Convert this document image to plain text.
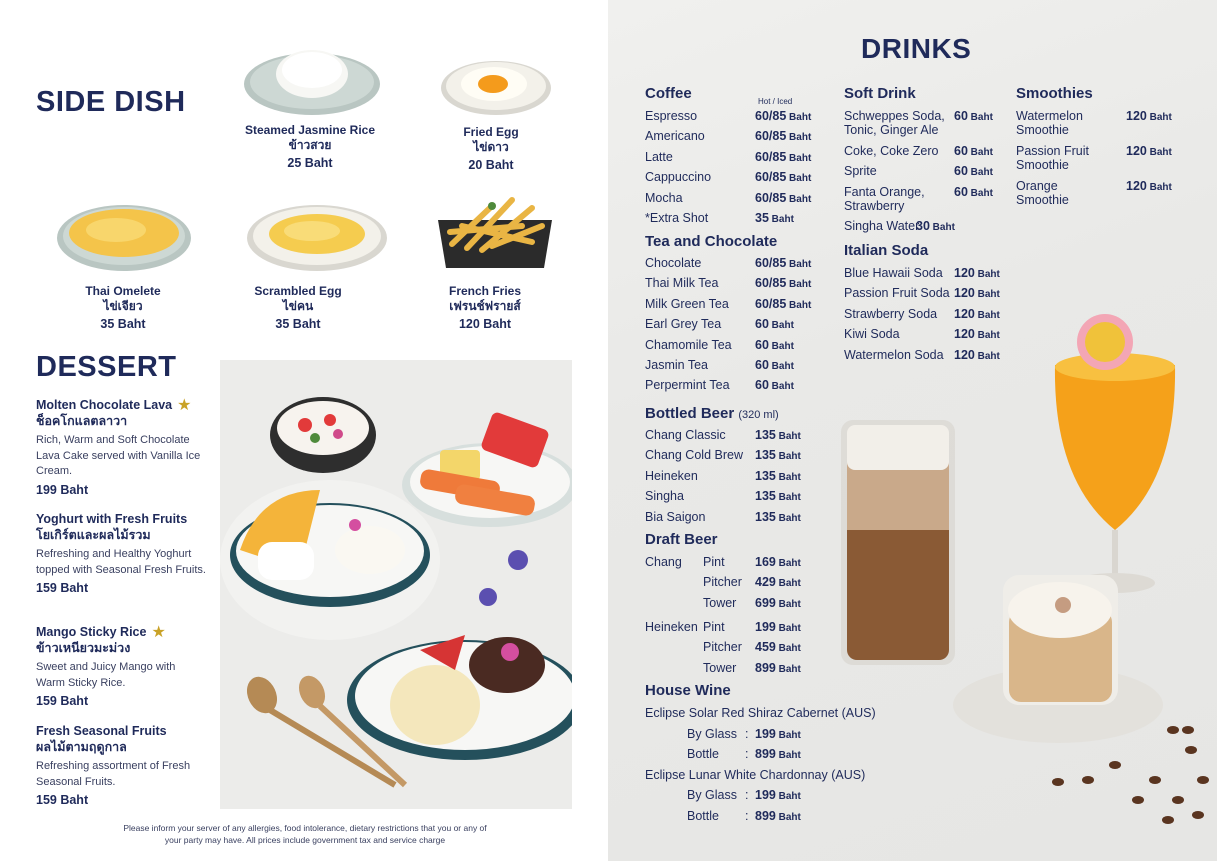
SIDE DISH
Steamed Jasmine Rice
ข้าวสวย
25 Baht
Fried Egg
ไข่ดาว
20 Baht
Thai Omelete
ไข่เจียว
35 Baht
Scrambled Egg
ไข่คน
35 Baht
French Fries
เฟรนช์ฟรายส์
120 Baht
DESSERT
Molten Chocolate Lava ★
ช็อคโกแลตลาวา
Rich, Warm and Soft Chocolate Lava Cake served with Vanilla Ice Cream.
199 Baht
Yoghurt with Fresh Fruits
โยเกิร์ตและผลไม้รวม
Refreshing and Healthy Yoghurt topped with Seasonal Fresh Fruits.
159 Baht
Mango Sticky Rice ★
ข้าวเหนียวมะม่วง
Sweet and Juicy Mango with Warm Sticky Rice.
159 Baht
Fresh Seasonal Fruits
ผลไม้ตามฤดูกาล
Refreshing assortment of Fresh Seasonal Fruits.
159 Baht
Please inform your server of any allergies, food intolerance, dietary restrictions that you or any of your party may have. All prices include government tax and service charge
DRINKS
Coffee	Hot / Iced
Tea and Chocolate
Bottled Beer (320 ml)
Draft Beer
House Wine
Soft Drink
Italian Soda
Smoothies
Espresso	60/85 Baht
Americano	60/85 Baht
Latte	60/85 Baht
Cappuccino	60/85 Baht
Mocha	60/85 Baht
*Extra Shot	35 Baht
Chocolate	60/85 Baht
Thai Milk Tea	60/85 Baht
Milk Green Tea 60/85 Baht
Earl Grey Tea	60 Baht
Chamomile Tea 60 Baht
Jasmin Tea	60 Baht
Perpermint Tea 60 Baht
Chang Classic 135 Baht
Chang Cold Brew 135 Baht
Heineken	135 Baht
Singha	135 Baht
Bia Saigon	135 Baht
Chang Pint 169 Baht
Pitcher 429 Baht
Tower 699 Baht
Heineken Pint 199 Baht
Pitcher 459 Baht
Tower 899 Baht
Eclipse Solar Red Shiraz Cabernet (AUS)
By Glass : 199 Baht
Bottle : 899 Baht
Eclipse Lunar White Chardonnay (AUS)
By Glass : 199 Baht
Bottle : 899 Baht
Schweppes Soda, Tonic, Ginger Ale
60 Baht
Coke, Coke Zero 60 Baht
Sprite	60 Baht
Fanta Orange, Strawberry
60 Baht
Singha Water
30 Baht
Blue Hawaii Soda 120 Baht
Passion Fruit Soda 120 Baht
Strawberry Soda 120 Baht
Kiwi Soda	120 Baht
Watermelon Soda 120 Baht
Watermelon Smoothie
120 Baht
Passion Fruit Smoothie
120 Baht
Orange Smoothie
120 Baht
